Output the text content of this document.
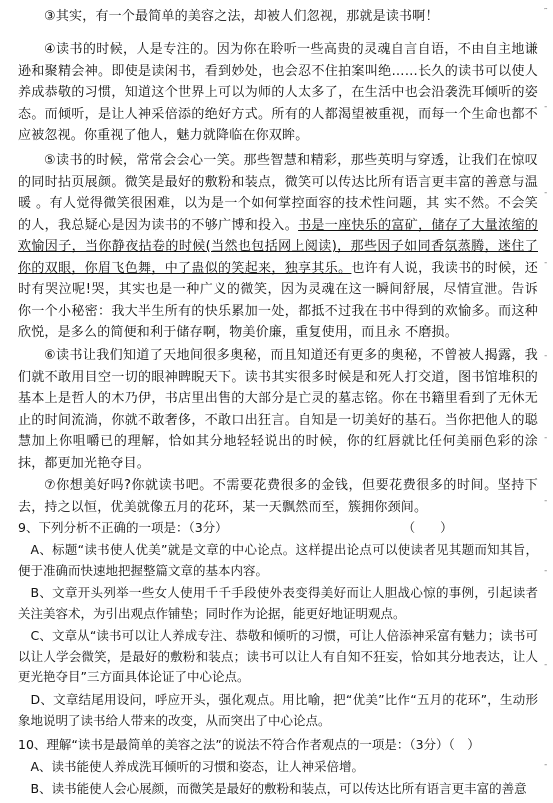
③其实，有一个最简单的美容之法，却被人们忽视，那就是读书啊！
④读书的时候，人是专注的。因为你在聆听一些高贵的灵魂自言自语，不由自主地谦逊和聚精会神。即使是读闲书，看到妙处，也会忍不住拍案叫绝……长久的读书可以使人养成恭敬的习惯，知道这个世界上可以为师的人太多了，在生活中也会沿袭洗耳倾听的姿态。而倾听，是让人神采倍添的绝好方式。所有的人都渴望被重视，而每一个生命也都不应被忽视。你重视了他人，魅力就降临在你双眸。
⑤读书的时候，常常会会心一笑。那些智慧和精彩，那些英明与穿透，让我们在惊叹的同时拈页展颜。微笑是最好的敷粉和装点，微笑可以传达比所有语言更丰富的善意与温暖 。有人觉得微笑很困难，以为是一个如何掌控面容的技术性问题，其 实不然。不会笑的人，我总疑心是因为读书的不够广博和投入。书是一座快乐的富矿，储存了大量浓缩的欢愉因子，当你静夜拈卷的时候(当然也包括网上阅读)，那些因子如同香氛蒸腾，迷住了你的双眼，你眉飞色舞，中了蛊似的笑起来，独享其乐。也许有人说，我读书的时候，还时有哭泣呢!哭，其实也是一种广义的微笑，因为灵魂在这一瞬间舒展，尽情宣泄。告诉你一个小秘密：我大半生所有的快乐累加一处，都抵不过我在书中得到的欢愉多。而这种欣悦，是多么的简便和利于储存啊，物美价廉，重复使用，而且永 不磨损。
⑥读书让我们知道了天地间很多奥秘，而且知道还有更多的奥秘，不曾被人揭露，我们就不敢用目空一切的眼神睥睨天下。读书其实很多时候是和死人打交道，图书馆堆积的基本上是哲人的木乃伊，书店里出售的大部分是亡灵的墓志铭。你在书籍里看到了无休无止的时间流淌，你就不敢奢侈，不敢口出狂言。自知是一切美好的基石。当你把他人的聪慧加上你咀嚼已的理解，恰如其分地轻轻说出的时候，你的红唇就比任何美丽色彩的涂抹，都更加光艳夺目。
⑦你想美好吗?你就读书吧。不需要花费很多的金钱，但要花费很多的时间。坚持下去，持之以恒，优美就像五月的花环，某一天飘然而至，簇拥你颈间。
9、下列分析不正确的一项是：（3分）　　　　　　　　　　　　　　　（　　）
A、标题“读书使人优美”就是文章的中心论点。这样提出论点可以使读者见其题而知其旨，便于准确而快速地把握整篇文章的基本内容。
B、文章开头列举一些女人使用千千手段使外表变得美好而让人胆战心惊的事例，引起读者关注美容术，为引出观点作铺垫；同时作为论据，能更好地证明观点。
C、文章从“读书可以让人养成专注、恭敬和倾听的习惯，可让人倍添神采富有魅力；读书可以让人学会微笑，是最好的敷粉和装点；读书可以让人有自知不狂妄，恰如其分地表达，让人更光艳夺目”三方面具体论证了中心论点。
D、文章结尾用设问，呼应开头，强化观点。用比喻，把“优美”比作“五月的花环”，生动形象地说明了读书给人带来的改变，从而突出了中心论点。
10、理解“读书是最简单的美容之法”的说法不符合作者观点的一项是：（3分）（　）
A、读书能使人养成洗耳倾听的习惯和姿态，让人神采倍增。
B、读书能使人会心展颜，而微笑是最好的敷粉和装点，可以传达比所有语言更丰富的善意
˜
-
-
-
-
-
-
-
-
-
